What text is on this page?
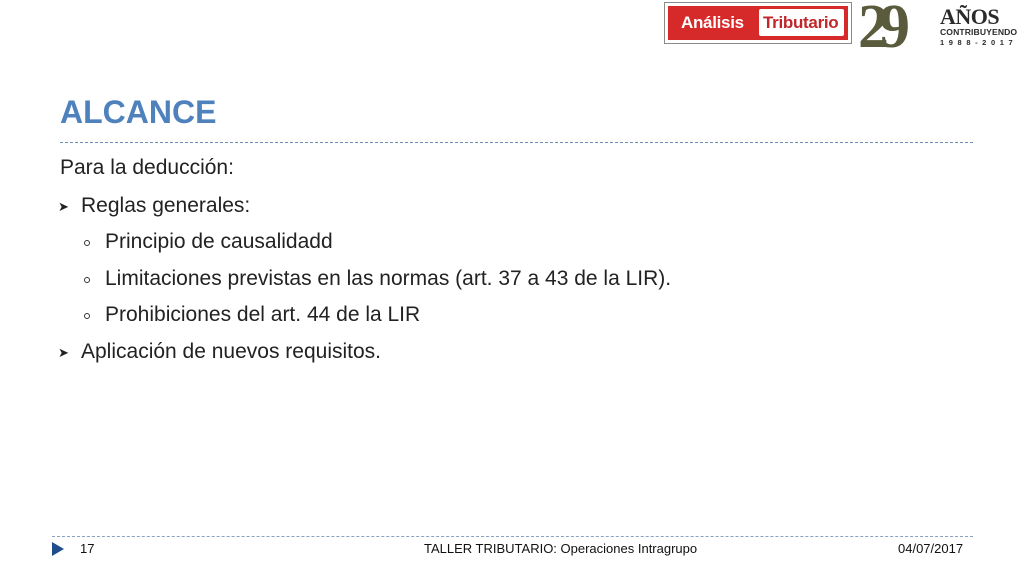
Análisis Tributario 29 AÑOS
CONTRIBUYENDO
1988-2017
ALCANCE
Para la deducción:
➤ Reglas generales:
Principio de causalidadd
Limitaciones previstas en las normas (art. 37 a 43 de la LIR).
Prohibiciones del art. 44 de la LIR
➤ Aplicación de nuevos requisitos.
17	TALLER TRIBUTARIO: Operaciones Intragrupo	04/07/2017
